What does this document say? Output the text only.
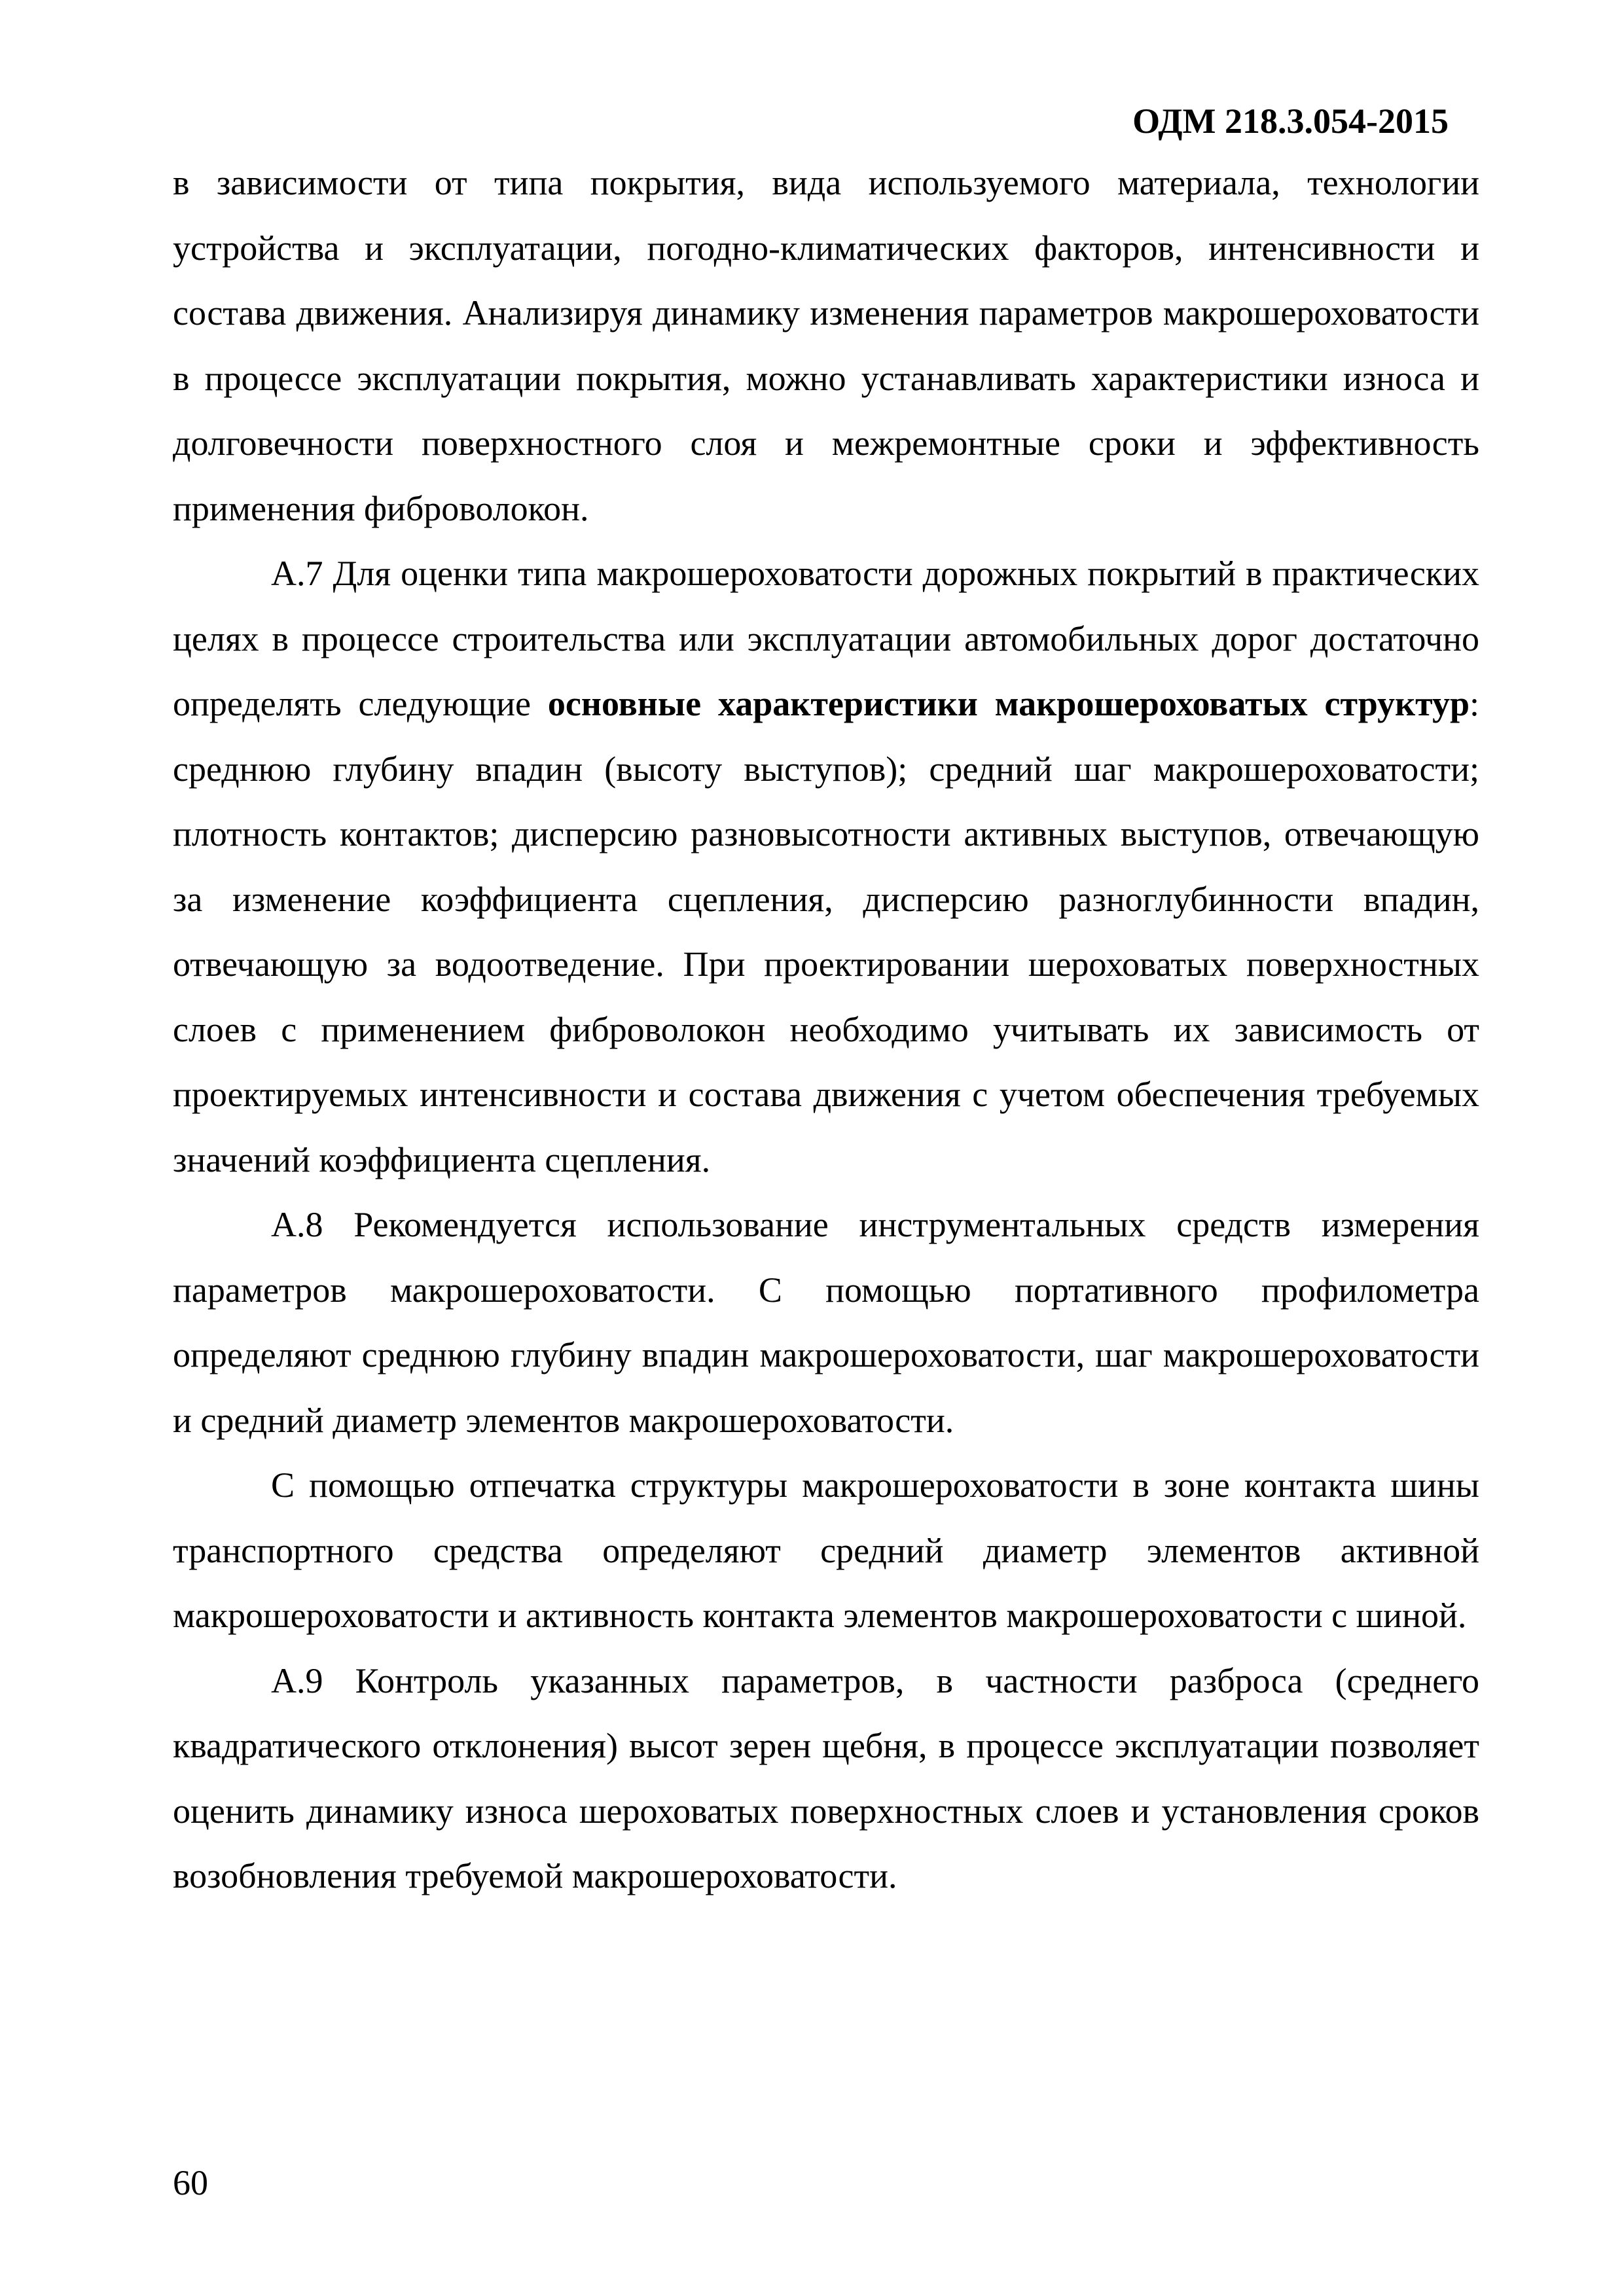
ОДМ 218.3.054-2015

в зависимости от типа покрытия, вида используемого материала, технологии устройства и эксплуатации, погодно-климатических факторов, интенсивности и состава движения. Анализируя динамику изменения параметров макрошероховатости в процессе эксплуатации покрытия, можно устанавливать характеристики износа и долговечности поверхностного слоя и межремонтные сроки и эффективность применения фиброволокон.

А.7 Для оценки типа макрошероховатости дорожных покрытий в практических целях в процессе строительства или эксплуатации автомобильных дорог достаточно определять следующие основные характеристики макрошероховатых структур: среднюю глубину впадин (высоту выступов); средний шаг макрошероховатости; плотность контактов; дисперсию разновысотности активных выступов, отвечающую за изменение коэффициента сцепления, дисперсию разноглубинности впадин, отвечающую за водоотведение. При проектировании шероховатых поверхностных слоев с применением фиброволокон необходимо учитывать их зависимость от проектируемых интенсивности и состава движения с учетом обеспечения требуемых значений коэффициента сцепления.

А.8 Рекомендуется использование инструментальных средств измерения параметров макрошероховатости. С помощью портативного профилометра определяют среднюю глубину впадин макрошероховатости, шаг макрошероховатости и средний диаметр элементов макрошероховатости.

С помощью отпечатка структуры макрошероховатости в зоне контакта шины транспортного средства определяют средний диаметр элементов активной макрошероховатости и активность контакта элементов макрошероховатости с шиной.

А.9 Контроль указанных параметров, в частности разброса (среднего квадратического отклонения) высот зерен щебня, в процессе эксплуатации позволяет оценить динамику износа шероховатых поверхностных слоев и установления сроков возобновления требуемой макрошероховатости.

60
